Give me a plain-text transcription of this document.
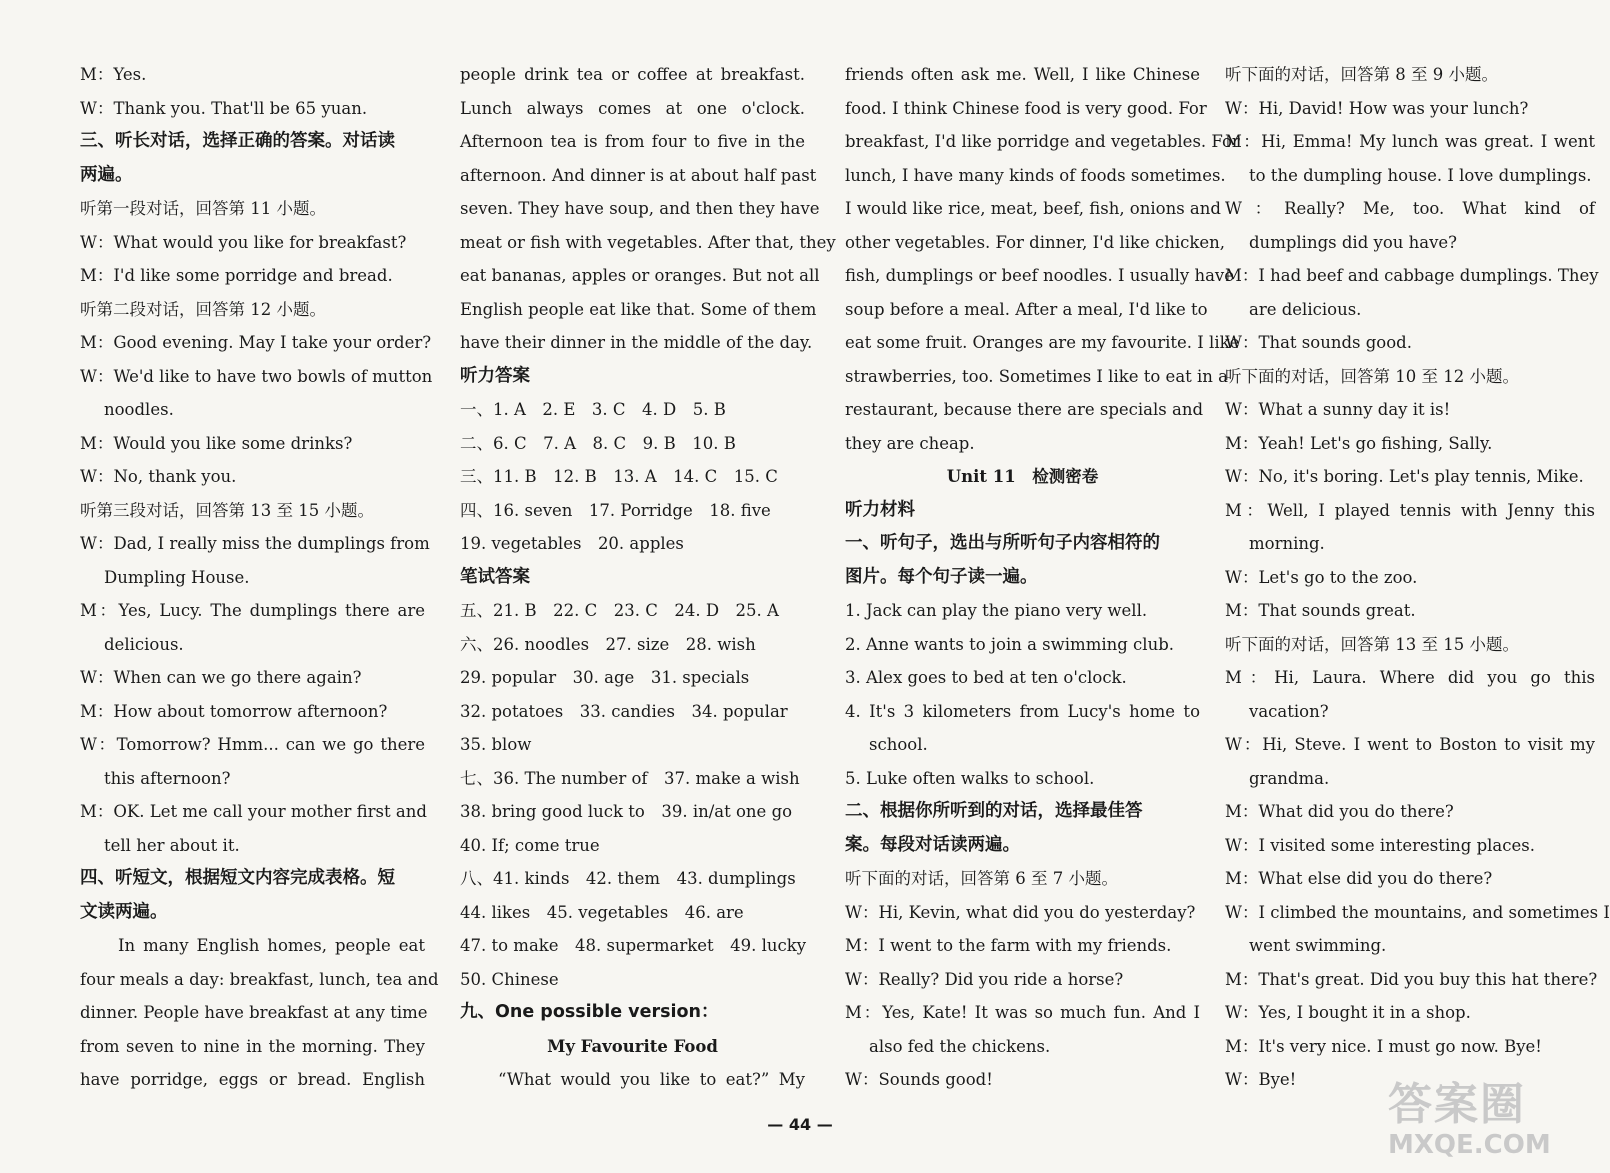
M：Yes.
W：Thank you. That'll be 65 yuan.
三、听长对话，选择正确的答案。对话读
两遍。
听第一段对话，回答第 11 小题。
W：What would you like for breakfast?
M：I'd like some porridge and bread.
听第二段对话，回答第 12 小题。
M：Good evening. May I take your order?
W：We'd like to have two bowls of mutton
noodles.
M：Would you like some drinks?
W：No, thank you.
听第三段对话，回答第 13 至 15 小题。
W：Dad, I really miss the dumplings from
Dumpling House.
M：Yes, Lucy. The dumplings there are
delicious.
W：When can we go there again?
M：How about tomorrow afternoon?
W：Tomorrow? Hmm... can we go there
this afternoon?
M：OK. Let me call your mother first and
tell her about it.
四、听短文，根据短文内容完成表格。短
文读两遍。
In many English homes, people eat
four meals a day: breakfast, lunch, tea and
dinner. People have breakfast at any time
from seven to nine in the morning. They
have porridge, eggs or bread. English
people drink tea or coffee at breakfast.
Lunch always comes at one o'clock.
Afternoon tea is from four to five in the
afternoon. And dinner is at about half past
seven. They have soup, and then they have
meat or fish with vegetables. After that, they
eat bananas, apples or oranges. But not all
English people eat like that. Some of them
have their dinner in the middle of the day.
听力答案
一、1. A　2. E　3. C　4. D　5. B
二、6. C　7. A　8. C　9. B　10. B
三、11. B　12. B　13. A　14. C　15. C
四、16. seven　17. Porridge　18. five
19. vegetables　20. apples
笔试答案
五、21. B　22. C　23. C　24. D　25. A
六、26. noodles　27. size　28. wish
29. popular　30. age　31. specials
32. potatoes　33. candies　34. popular
35. blow
七、36. The number of　37. make a wish
38. bring good luck to　39. in/at one go
40. If; come true
八、41. kinds　42. them　43. dumplings
44. likes　45. vegetables　46. are
47. to make　48. supermarket　49. lucky
50. Chinese
九、One possible version：
My Favourite Food
“What would you like to eat?” My
friends often ask me. Well, I like Chinese
food. I think Chinese food is very good. For
breakfast, I'd like porridge and vegetables. For
lunch, I have many kinds of foods sometimes.
I would like rice, meat, beef, fish, onions and
other vegetables. For dinner, I'd like chicken,
fish, dumplings or beef noodles. I usually have
soup before a meal. After a meal, I'd like to
eat some fruit. Oranges are my favourite. I like
strawberries, too. Sometimes I like to eat in a
restaurant, because there are specials and
they are cheap.
Unit 11　检测密卷
听力材料
一、听句子，选出与所听句子内容相符的
图片。每个句子读一遍。
1. Jack can play the piano very well.
2. Anne wants to join a swimming club.
3. Alex goes to bed at ten o'clock.
4. It's 3 kilometers from Lucy's home to
school.
5. Luke often walks to school.
二、根据你所听到的对话，选择最佳答
案。每段对话读两遍。
听下面的对话，回答第 6 至 7 小题。
W：Hi, Kevin, what did you do yesterday?
M：I went to the farm with my friends.
W：Really? Did you ride a horse?
M：Yes, Kate! It was so much fun. And I
also fed the chickens.
W：Sounds good!
听下面的对话，回答第 8 至 9 小题。
W：Hi, David! How was your lunch?
M：Hi, Emma! My lunch was great. I went
to the dumpling house. I love dumplings.
W：Really? Me, too. What kind of
dumplings did you have?
M：I had beef and cabbage dumplings. They
are delicious.
W：That sounds good.
听下面的对话，回答第 10 至 12 小题。
W：What a sunny day it is!
M：Yeah! Let's go fishing, Sally.
W：No, it's boring. Let's play tennis, Mike.
M：Well, I played tennis with Jenny this
morning.
W：Let's go to the zoo.
M：That sounds great.
听下面的对话，回答第 13 至 15 小题。
M：Hi, Laura. Where did you go this
vacation?
W：Hi, Steve. I went to Boston to visit my
grandma.
M：What did you do there?
W：I visited some interesting places.
M：What else did you do there?
W：I climbed the mountains, and sometimes I
went swimming.
M：That's great. Did you buy this hat there?
W：Yes, I bought it in a shop.
M：It's very nice. I must go now. Bye!
W：Bye!
— 44 —	答案圈
MXQE.COM
